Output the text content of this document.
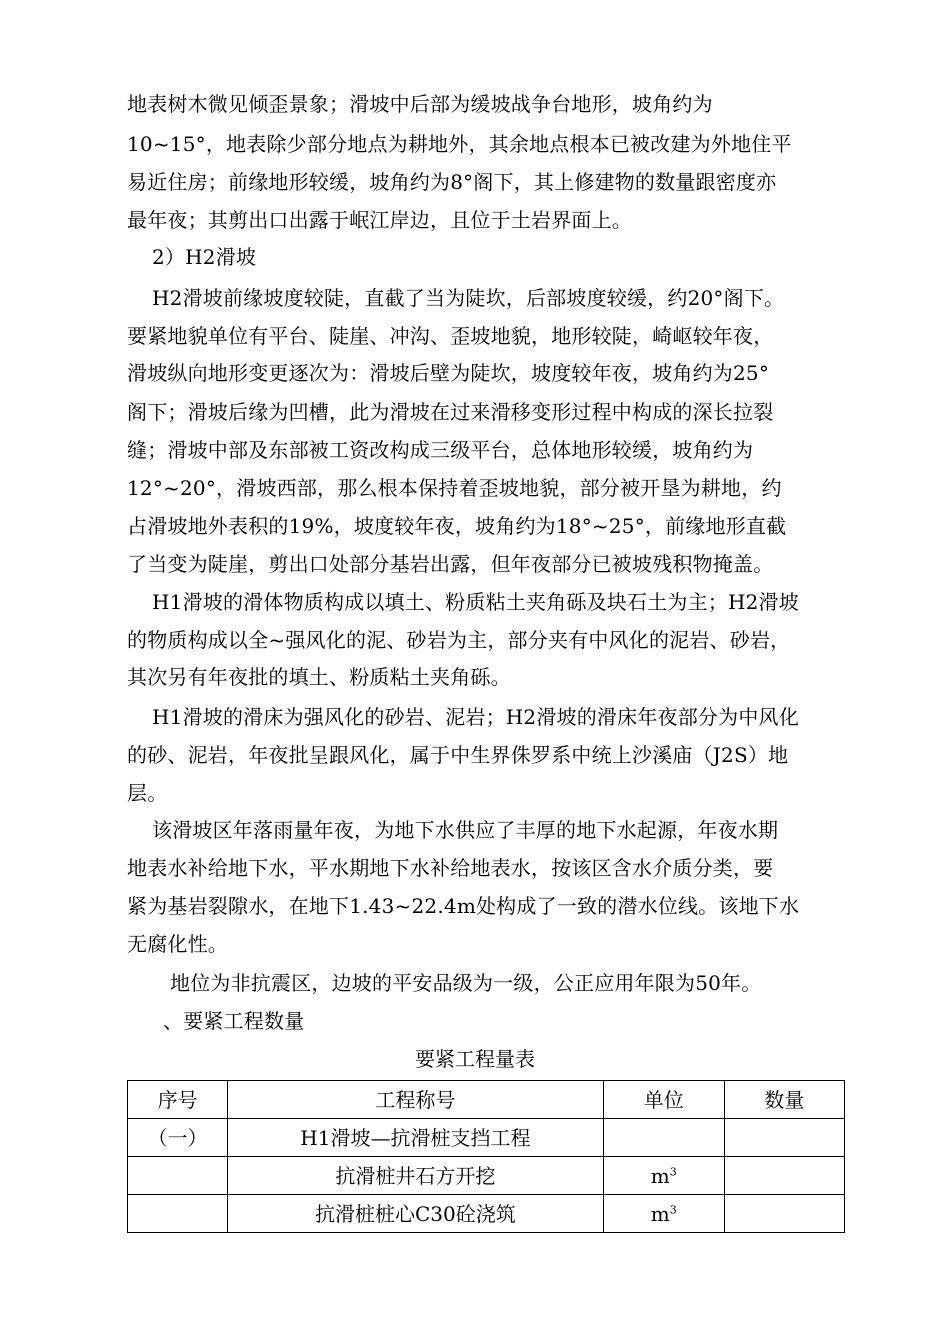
地表树木微见倾歪景象；滑坡中后部为缓坡战争台地形，坡角约为
10~15°，地表除少部分地点为耕地外，其余地点根本已被改建为外地住平
易近住房；前缘地形较缓，坡角约为8°阁下，其上修建物的数量跟密度亦
最年夜；其剪出口出露于岷江岸边，且位于土岩界面上。
2）H2滑坡
H2滑坡前缘坡度较陡，直截了当为陡坎，后部坡度较缓，约20°阁下。
要紧地貌单位有平台、陡崖、冲沟、歪坡地貌，地形较陡，崎岖较年夜，
滑坡纵向地形变更逐次为：滑坡后壁为陡坎，坡度较年夜，坡角约为25°
阁下；滑坡后缘为凹槽，此为滑坡在过来滑移变形过程中构成的深长拉裂
缝；滑坡中部及东部被工资改构成三级平台，总体地形较缓，坡角约为
12°~20°，滑坡西部，那么根本保持着歪坡地貌，部分被开垦为耕地，约
占滑坡地外表积的19%，坡度较年夜，坡角约为18°~25°，前缘地形直截
了当变为陡崖，剪出口处部分基岩出露，但年夜部分已被坡残积物掩盖。
H1滑坡的滑体物质构成以填土、粉质粘土夹角砾及块石土为主；H2滑坡
的物质构成以全~强风化的泥、砂岩为主，部分夹有中风化的泥岩、砂岩，
其次另有年夜批的填土、粉质粘土夹角砾。
H1滑坡的滑床为强风化的砂岩、泥岩；H2滑坡的滑床年夜部分为中风化
的砂、泥岩，年夜批呈跟风化，属于中生界侏罗系中统上沙溪庙（J2S）地
层。
该滑坡区年落雨量年夜，为地下水供应了丰厚的地下水起源，年夜水期
地表水补给地下水，平水期地下水补给地表水，按该区含水介质分类，要
紧为基岩裂隙水，在地下1.43~22.4m处构成了一致的潜水位线。该地下水
无腐化性。
地位为非抗震区，边坡的平安品级为一级，公正应用年限为50年。
、要紧工程数量
要紧工程量表
序号	工程称号	单位	数量
（一）	H1滑坡—抗滑桩支挡工程		
	抗滑桩井石方开挖	$m^3$	
	抗滑桩桩心C30砼浇筑	$m^3$	
